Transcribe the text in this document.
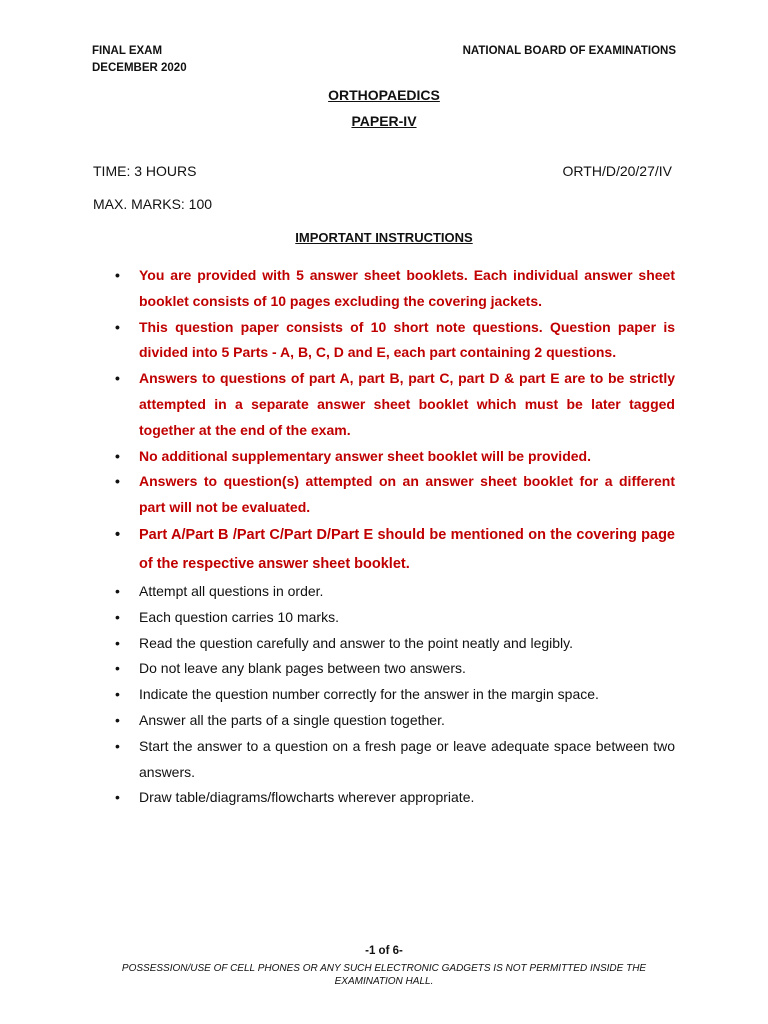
FINAL EXAM
DECEMBER 2020
NATIONAL BOARD OF EXAMINATIONS
ORTHOPAEDICS
PAPER-IV
TIME: 3 HOURS	ORTH/D/20/27/IV
MAX. MARKS: 100
IMPORTANT INSTRUCTIONS
• You are provided with 5 answer sheet booklets. Each individual answer sheet booklet consists of 10 pages excluding the covering jackets.
• This question paper consists of 10 short note questions. Question paper is divided into 5 Parts - A, B, C, D and E, each part containing 2 questions.
• Answers to questions of part A, part B, part C, part D & part E are to be strictly attempted in a separate answer sheet booklet which must be later tagged together at the end of the exam.
• No additional supplementary answer sheet booklet will be provided.
• Answers to question(s) attempted on an answer sheet booklet for a different part will not be evaluated.
• Part A/Part B /Part C/Part D/Part E should be mentioned on the covering page of the respective answer sheet booklet.
• Attempt all questions in order.
• Each question carries 10 marks.
• Read the question carefully and answer to the point neatly and legibly.
• Do not leave any blank pages between two answers.
• Indicate the question number correctly for the answer in the margin space.
• Answer all the parts of a single question together.
• Start the answer to a question on a fresh page or leave adequate space between two answers.
• Draw table/diagrams/flowcharts wherever appropriate.
-1 of 6-
POSSESSION/USE OF CELL PHONES OR ANY SUCH ELECTRONIC GADGETS IS NOT PERMITTED INSIDE THE EXAMINATION HALL.
